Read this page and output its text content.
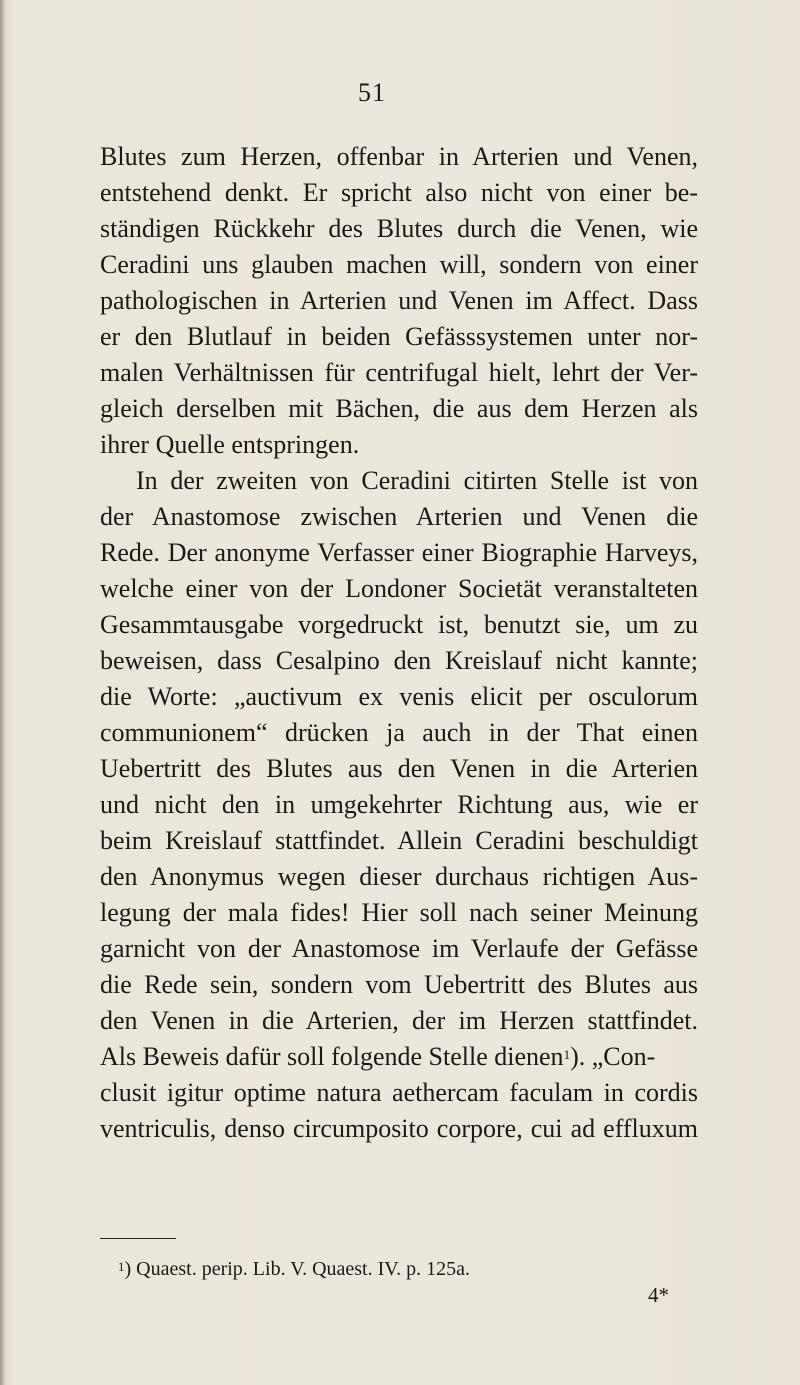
51
Blutes zum Herzen, offenbar in Arterien und Venen,
entstehend denkt. Er spricht also nicht von einer be-
ständigen Rückkehr des Blutes durch die Venen, wie
Ceradini uns glauben machen will, sondern von einer
pathologischen in Arterien und Venen im Affect. Dass
er den Blutlauf in beiden Gefässsystemen unter nor-
malen Verhältnissen für centrifugal hielt, lehrt der Ver-
gleich derselben mit Bächen, die aus dem Herzen als
ihrer Quelle entspringen.
In der zweiten von Ceradini citirten Stelle ist von
der Anastomose zwischen Arterien und Venen die
Rede. Der anonyme Verfasser einer Biographie Harveys,
welche einer von der Londoner Societät veranstalteten
Gesammtausgabe vorgedruckt ist, benutzt sie, um zu
beweisen, dass Cesalpino den Kreislauf nicht kannte;
die Worte: „auctivum ex venis elicit per osculorum
communionem“ drücken ja auch in der That einen
Uebertritt des Blutes aus den Venen in die Arterien
und nicht den in umgekehrter Richtung aus, wie er
beim Kreislauf stattfindet. Allein Ceradini beschuldigt
den Anonymus wegen dieser durchaus richtigen Aus-
legung der mala fides! Hier soll nach seiner Meinung
garnicht von der Anastomose im Verlaufe der Gefässe
die Rede sein, sondern vom Uebertritt des Blutes aus
den Venen in die Arterien, der im Herzen stattfindet.
Als Beweis dafür soll folgende Stelle dienen$^1$). „Con-
clusit igitur optime natura aethercam faculam in cordis
ventriculis, denso circumposito corpore, cui ad effluxum
$^1$) Quaest. perip. Lib. V. Quaest. IV. p. 125a.
4*
